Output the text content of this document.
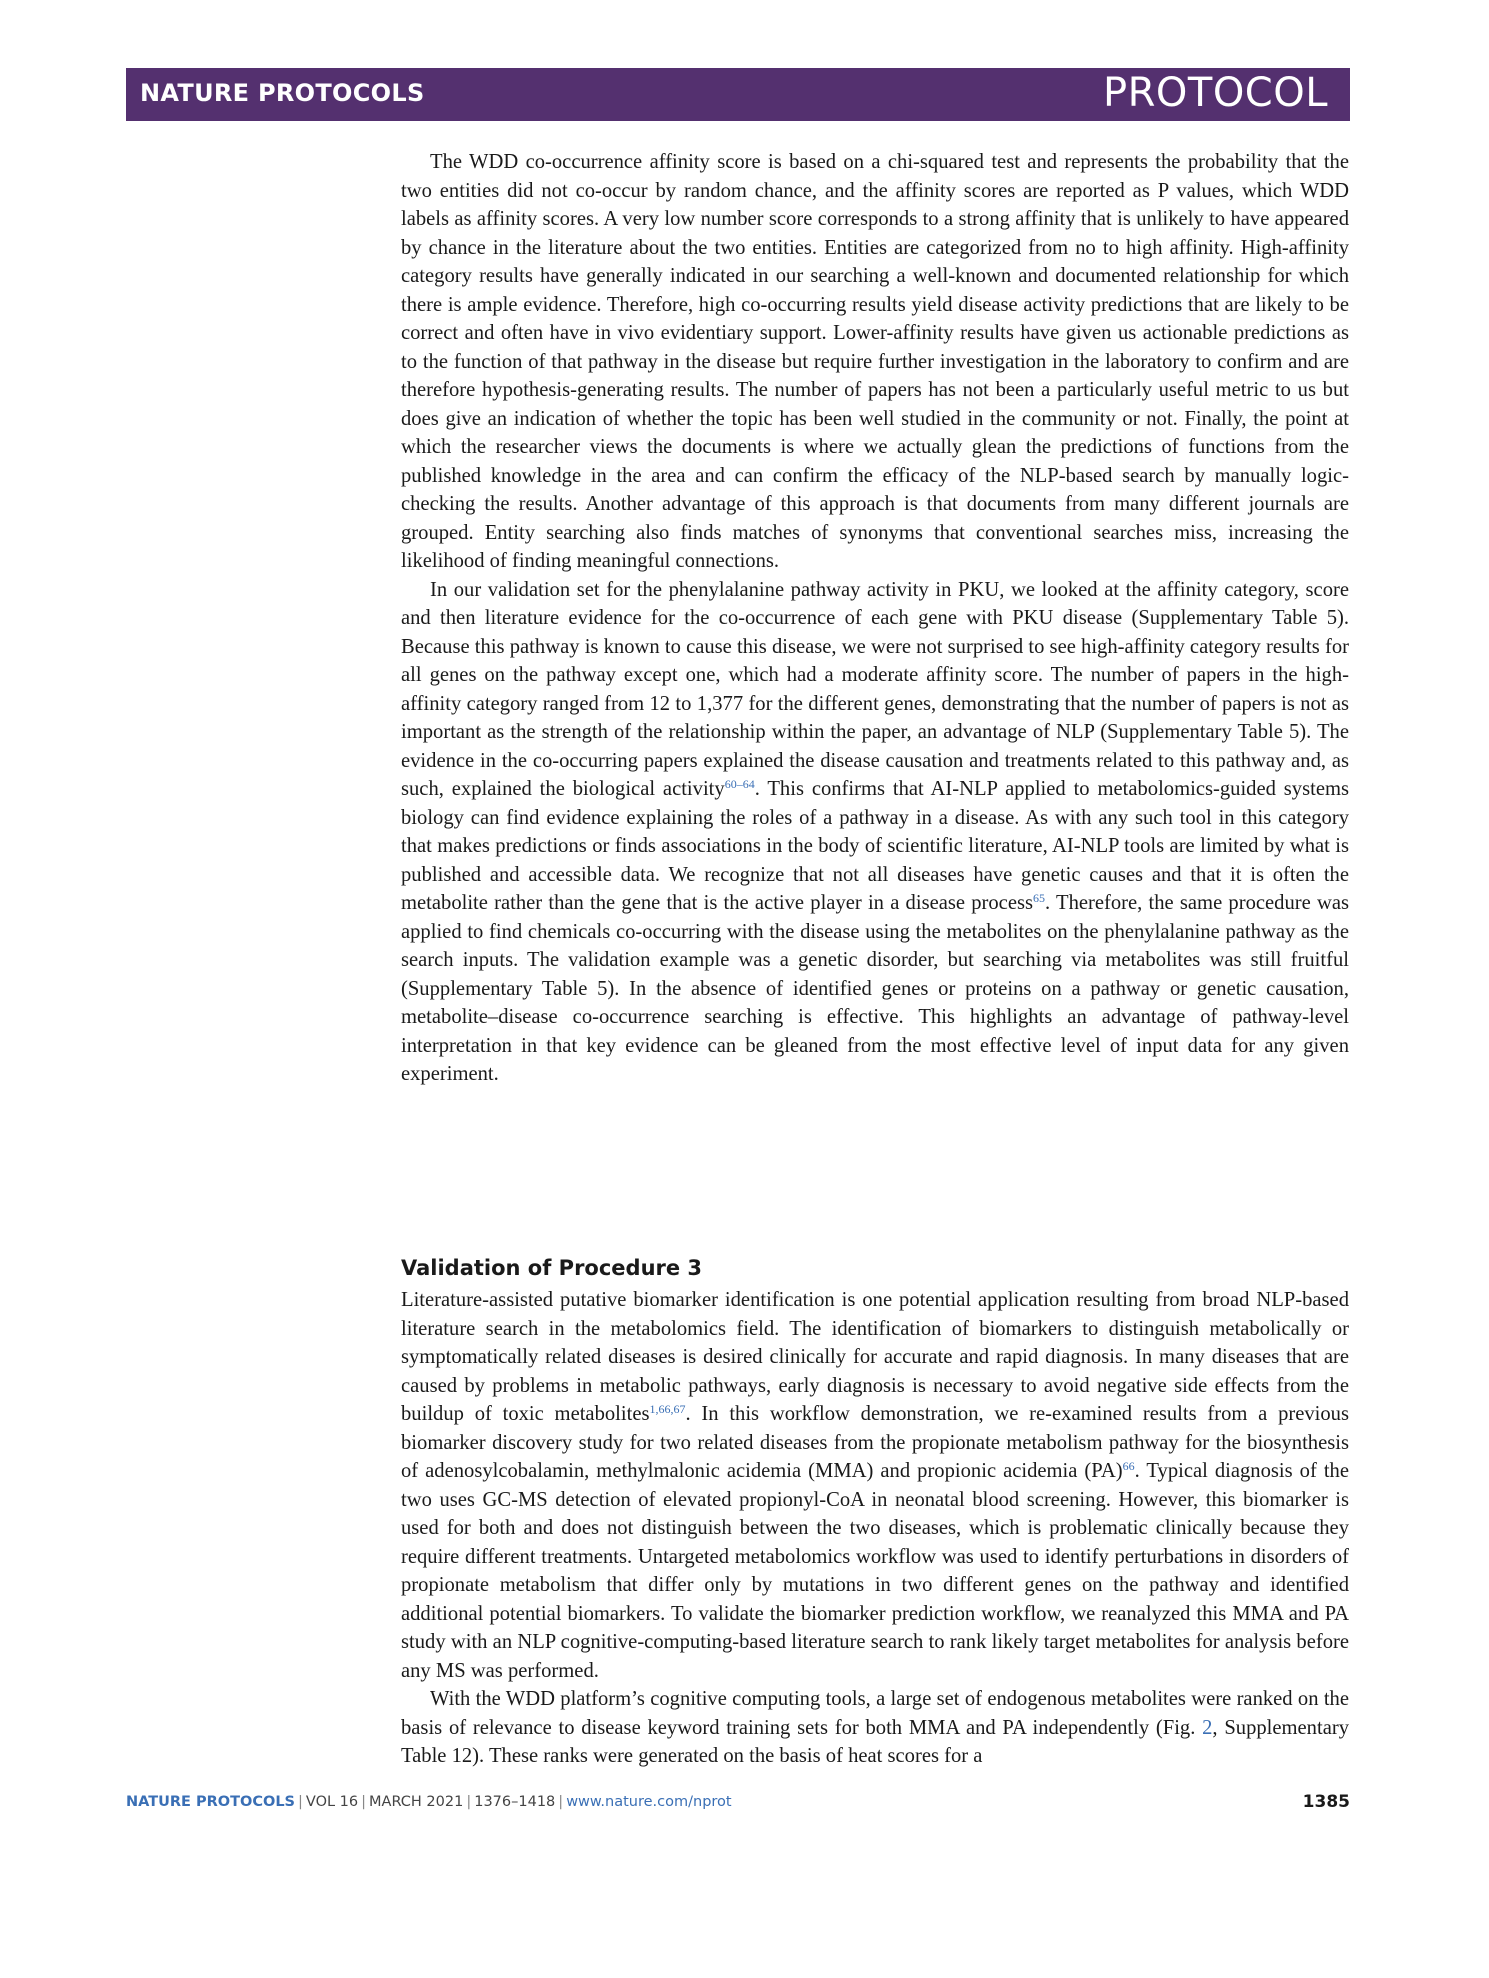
NATURE PROTOCOLS	PROTOCOL

The WDD co-occurrence affinity score is based on a chi-squared test and represents the probability that the two entities did not co-occur by random chance, and the affinity scores are reported as P values, which WDD labels as affinity scores. A very low number score corresponds to a strong affinity that is unlikely to have appeared by chance in the literature about the two entities. Entities are categorized from no to high affinity. High-affinity category results have generally indicated in our searching a well-known and documented relationship for which there is ample evidence. Therefore, high co-occurring results yield disease activity predictions that are likely to be correct and often have in vivo evidentiary support. Lower-affinity results have given us actionable predictions as to the function of that pathway in the disease but require further investigation in the laboratory to confirm and are therefore hypothesis-generating results. The number of papers has not been a particularly useful metric to us but does give an indication of whether the topic has been well studied in the community or not. Finally, the point at which the researcher views the documents is where we actually glean the predictions of functions from the published knowledge in the area and can confirm the efficacy of the NLP-based search by manually logic-checking the results. Another advantage of this approach is that documents from many different journals are grouped. Entity searching also finds matches of synonyms that conventional searches miss, increasing the likelihood of finding meaningful connections.

In our validation set for the phenylalanine pathway activity in PKU, we looked at the affinity category, score and then literature evidence for the co-occurrence of each gene with PKU disease (Supplementary Table 5). Because this pathway is known to cause this disease, we were not surprised to see high-affinity category results for all genes on the pathway except one, which had a moderate affinity score. The number of papers in the high-affinity category ranged from 12 to 1,377 for the different genes, demonstrating that the number of papers is not as important as the strength of the relationship within the paper, an advantage of NLP (Supplementary Table 5). The evidence in the co-occurring papers explained the disease causation and treatments related to this pathway and, as such, explained the biological activity$^{60-64}$. This confirms that AI-NLP applied to metabolomics-guided systems biology can find evidence explaining the roles of a pathway in a disease. As with any such tool in this category that makes predictions or finds associations in the body of scientific literature, AI-NLP tools are limited by what is published and accessible data. We recognize that not all diseases have genetic causes and that it is often the metabolite rather than the gene that is the active player in a disease process$^{65}$. Therefore, the same procedure was applied to find chemicals co-occurring with the disease using the metabolites on the phenylalanine pathway as the search inputs. The validation example was a genetic disorder, but searching via metabolites was still fruitful (Supplementary Table 5). In the absence of identified genes or proteins on a pathway or genetic causation, metabolite–disease co-occurrence searching is effective. This highlights an advantage of pathway-level interpretation in that key evidence can be gleaned from the most effective level of input data for any given experiment.

Validation of Procedure 3

Literature-assisted putative biomarker identification is one potential application resulting from broad NLP-based literature search in the metabolomics field. The identification of biomarkers to distinguish metabolically or symptomatically related diseases is desired clinically for accurate and rapid diagnosis. In many diseases that are caused by problems in metabolic pathways, early diagnosis is necessary to avoid negative side effects from the buildup of toxic metabolites$^{1,66,67}$. In this workflow demonstration, we re-examined results from a previous biomarker discovery study for two related diseases from the propionate metabolism pathway for the biosynthesis of adenosylcobalamin, methylmalonic acidemia (MMA) and propionic acidemia (PA)$^{66}$. Typical diagnosis of the two uses GC-MS detection of elevated propionyl-CoA in neonatal blood screening. However, this biomarker is used for both and does not distinguish between the two diseases, which is problematic clinically because they require different treatments. Untargeted metabolomics workflow was used to identify perturbations in disorders of propionate metabolism that differ only by mutations in two different genes on the pathway and identified additional potential biomarkers. To validate the biomarker prediction workflow, we reanalyzed this MMA and PA study with an NLP cognitive-computing-based literature search to rank likely target metabolites for analysis before any MS was performed.

With the WDD platform’s cognitive computing tools, a large set of endogenous metabolites were ranked on the basis of relevance to disease keyword training sets for both MMA and PA independently (Fig. 2, Supplementary Table 12). These ranks were generated on the basis of heat scores for a

NATURE PROTOCOLS | VOL 16 | MARCH 2021 | 1376–1418 | www.nature.com/nprot	1385
